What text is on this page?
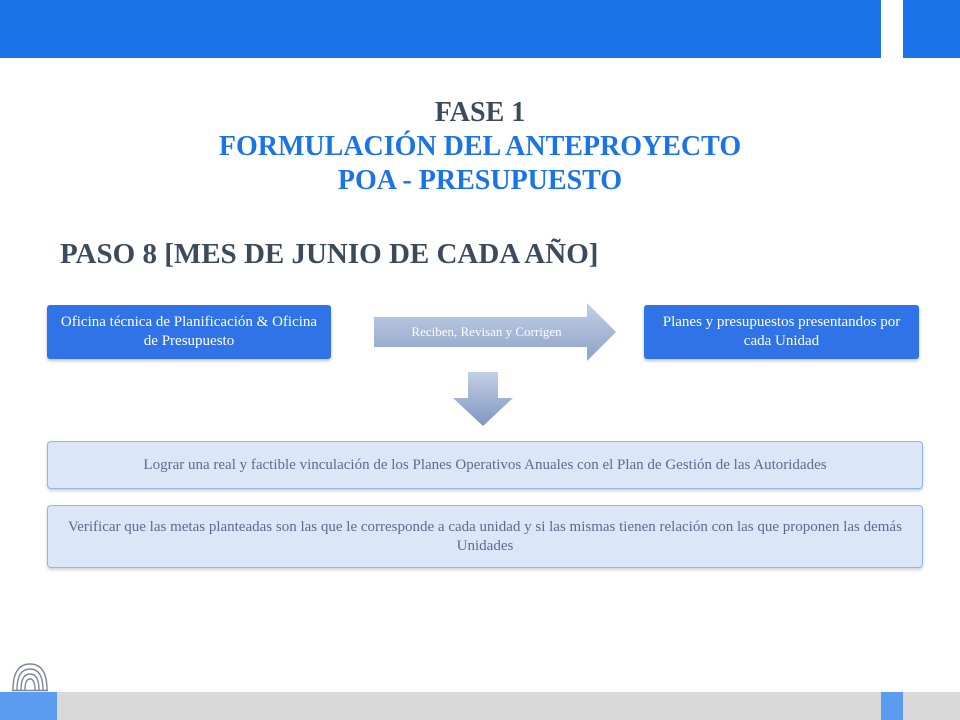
FASE 1
FORMULACIÓN DEL ANTEPROYECTO
POA - PRESUPUESTO
PASO 8 [MES DE JUNIO DE CADA AÑO]
Oficina técnica de Planificación & Oficina de Presupuesto
Reciben, Revisan y Corrigen
Planes y presupuestos presentandos por cada Unidad
Lograr una real y factible vinculación de los Planes Operativos Anuales con el Plan de Gestión de las Autoridades
Verificar que las metas planteadas son las que le corresponde a cada unidad y si las mismas tienen relación con las que proponen las demás Unidades
